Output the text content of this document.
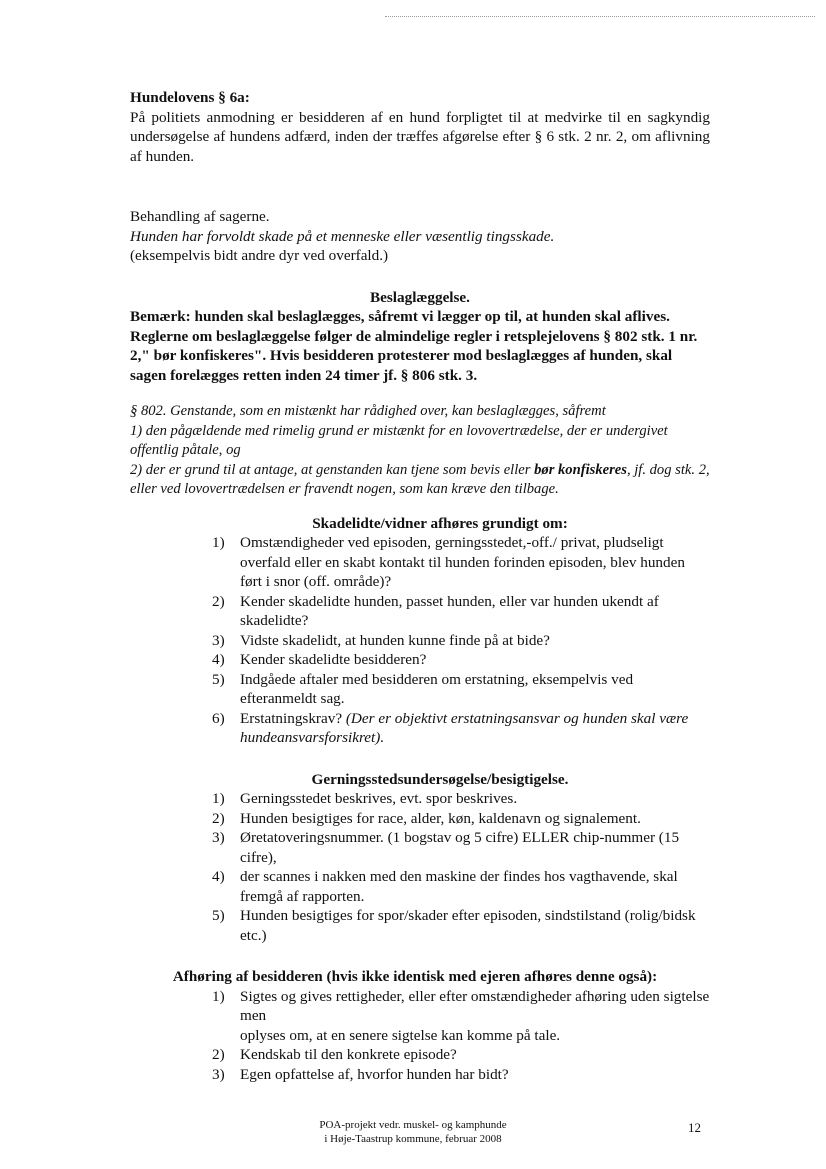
Hundelovens § 6a:

På politiets anmodning er besidderen af en hund forpligtet til at medvirke til en sagkyndig undersøgelse af hundens adfærd, inden der træffes afgørelse efter § 6 stk. 2 nr. 2, om aflivning af hunden.

Behandling af sagerne.

Hunden har forvoldt skade på et menneske eller væsentlig tingsskade.

(eksempelvis bidt andre dyr ved overfald.)

Beslaglæggelse.

Bemærk: hunden skal beslaglægges, såfremt vi lægger op til, at hunden skal aflives. Reglerne om beslaglæggelse følger de almindelige regler i retsplejelovens § 802 stk. 1 nr. 2," bør konfiskeres". Hvis besidderen protesterer mod beslaglægges af hunden, skal sagen forelægges retten inden 24 timer jf. § 806 stk. 3.

§ 802. Genstande, som en mistænkt har rådighed over, kan beslaglægges, såfremt
1) den pågældende med rimelig grund er mistænkt for en lovovertrædelse, der er undergivet offentlig påtale, og
2) der er grund til at antage, at genstanden kan tjene som bevis eller bør konfiskeres, jf. dog stk. 2, eller ved lovovertrædelsen er fravendt nogen, som kan kræve den tilbage.

Skadelidte/vidner afhøres grundigt om:

1) Omstændigheder ved episoden, gerningsstedet,-off./ privat, pludseligt overfald eller en skabt kontakt til hunden forinden episoden, blev hunden ført i snor (off. område)?
2) Kender skadelidte hunden, passet hunden, eller var hunden ukendt af skadelidte?
3) Vidste skadelidt, at hunden kunne finde på at bide?
4) Kender skadelidte besidderen?
5) Indgåede aftaler med besidderen om erstatning, eksempelvis ved efteranmeldt sag.
6) Erstatningskrav? (Der er objektivt erstatningsansvar og hunden skal være hundeansvarsforsikret).

Gerningsstedsundersøgelse/besigtigelse.

1) Gerningsstedet beskrives, evt. spor beskrives.
2) Hunden besigtiges for race, alder, køn, kaldenavn og signalement.
3) Øretatoveringsnummer. (1 bogstav og 5 cifre) ELLER chip-nummer (15 cifre),
4) der scannes i nakken med den maskine der findes hos vagthavende, skal fremgå af rapporten.
5) Hunden besigtiges for spor/skader efter episoden, sindstilstand (rolig/bidsk etc.)

Afhøring af besidderen (hvis ikke identisk med ejeren afhøres denne også):

1) Sigtes og gives rettigheder, eller efter omstændigheder afhøring uden sigtelse men
oplyses om, at en senere sigtelse kan komme på tale.
2) Kendskab til den konkrete episode?
3) Egen opfattelse af, hvorfor hunden har bidt?
POA-projekt vedr. muskel- og kamphunde
i Høje-Taastrup kommune, februar 2008
12
